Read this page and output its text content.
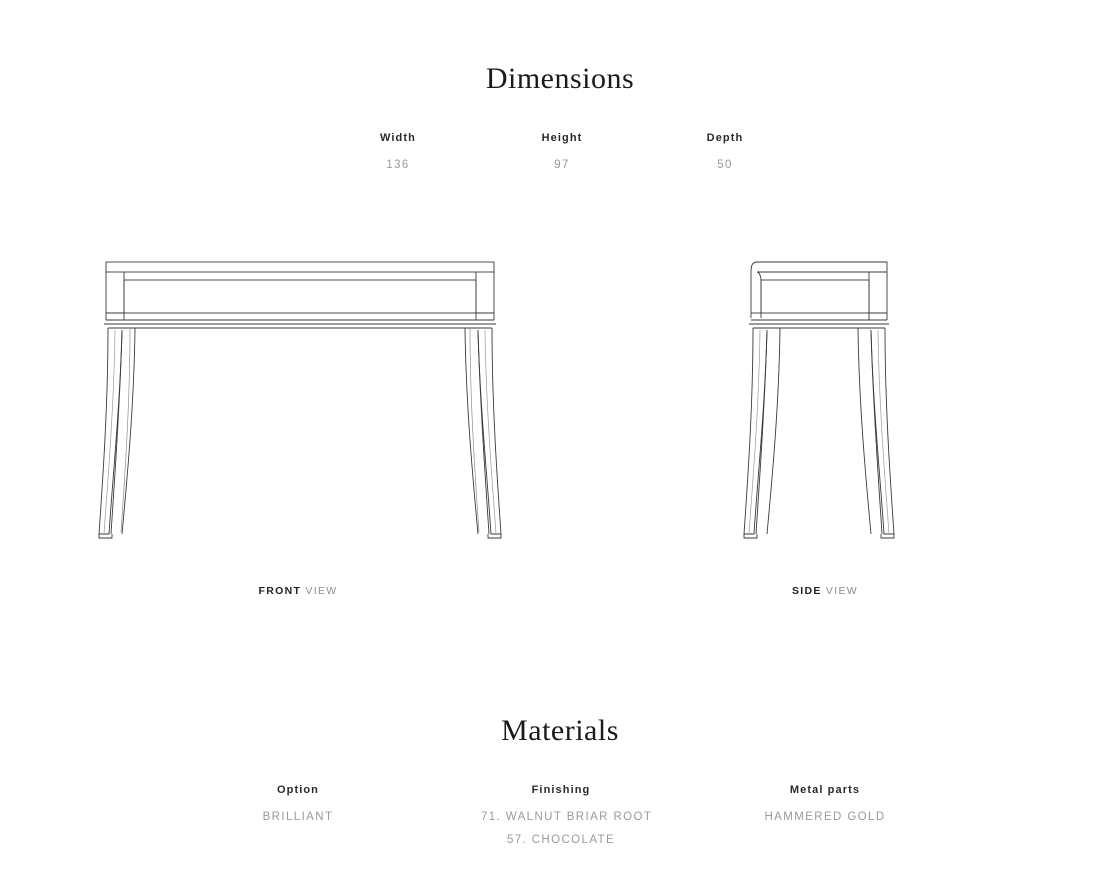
Dimensions
Width
136
Height
97
Depth
50
FRONT VIEW	SIDE VIEW
Materials
Option
BRILLIANT
Finishing
71. WALNUT BRIAR ROOT
57. CHOCOLATE
Metal parts
HAMMERED GOLD
